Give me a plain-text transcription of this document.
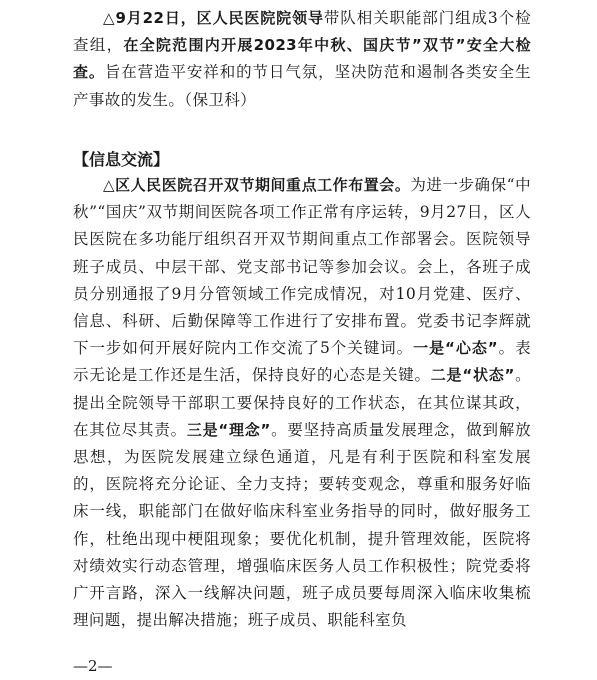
△9月22日，区人民医院院领导带队相关职能部门组成3个检查组，在全院范围内开展2023年中秋、国庆节”双节”安全大检查。旨在营造平安祥和的节日气氛，坚决防范和遏制各类安全生产事故的发生。（保卫科）

【信息交流】

△区人民医院召开双节期间重点工作布置会。为进一步确保“中秋”“国庆”双节期间医院各项工作正常有序运转，9月27日，区人民医院在多功能厅组织召开双节期间重点工作部署会。医院领导班子成员、中层干部、党支部书记等参加会议。会上，各班子成员分别通报了9月分管领域工作完成情况，对10月党建、医疗、信息、科研、后勤保障等工作进行了安排布置。党委书记李辉就下一步如何开展好院内工作交流了5个关键词。一是“心态”。表示无论是工作还是生活，保持良好的心态是关键。二是“状态”。提出全院领导干部职工要保持良好的工作状态，在其位谋其政，在其位尽其责。三是“理念”。要坚持高质量发展理念，做到解放思想，为医院发展建立绿色通道，凡是有利于医院和科室发展的，医院将充分论证、全力支持；要转变观念，尊重和服务好临床一线，职能部门在做好临床科室业务指导的同时，做好服务工作，杜绝出现中梗阻现象；要优化机制，提升管理效能，医院将对绩效实行动态管理，增强临床医务人员工作积极性；院党委将广开言路，深入一线解决问题，班子成员要每周深入临床收集梳理问题，提出解决措施；班子成员、职能科室负

—2—
